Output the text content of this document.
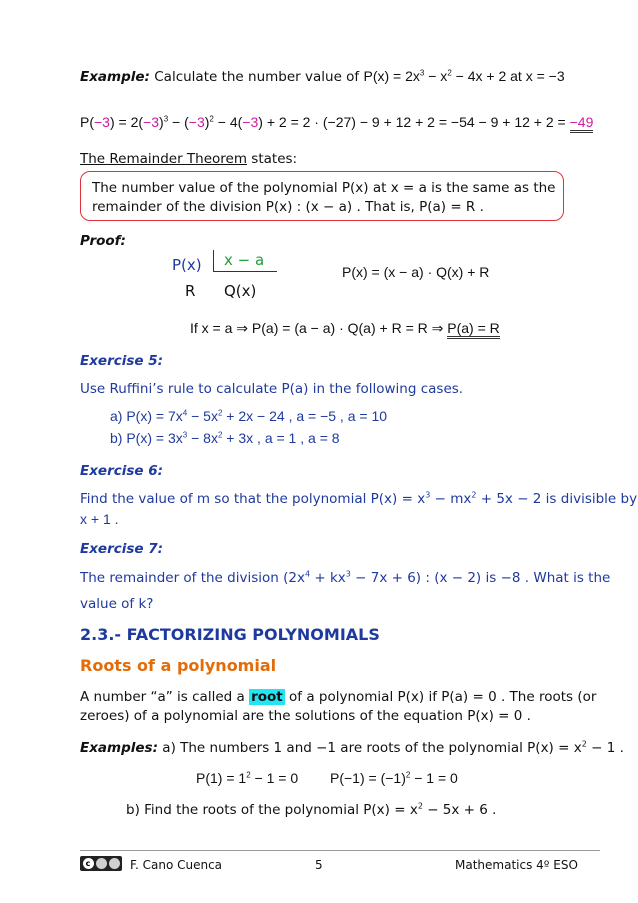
Example: Calculate the number value of $P(x) = 2x^3 - x^2 - 4x + 2$ at x = −3
$P(-3) = 2(-3)^3 - (-3)^2 - 4(-3) + 2 = 2 \cdot (-27) - 9 + 12 + 2 = -54 - 9 + 12 + 2 = -49$
The Remainder Theorem states:
The number value of the polynomial P(x) at x = a is the same as the
remainder of the division P(x) : (x − a) . That is, P(a) = R .
Proof:
P(x) x − a
R Q(x)
P(x) = (x − a) · Q(x) + R
If x = a ⇒ P(a) = (a − a) · Q(a) + R = R ⇒ P(a) = R
Exercise 5:
Use Ruffini’s rule to calculate P(a) in the following cases.
a) $P(x) = 7x^4 - 5x^2 + 2x - 24$ , a = −5 , a = 10
b) $P(x) = 3x^3 - 8x^2 + 3x$ , a = 1 , a = 8
Exercise 6:
Find the value of m so that the polynomial $P(x) = x^3 - mx^2 + 5x - 2$ is divisible by
x + 1 .
Exercise 7:
The remainder of the division $(2x^4 + kx^3 - 7x + 6)$ : (x − 2) is −8 . What is the
value of k?
2.3.- FACTORIZING POLYNOMIALS
Roots of a polynomial
A number “a” is called a root of a polynomial P(x) if P(a) = 0 . The roots (or
zeroes) of a polynomial are the solutions of the equation P(x) = 0 .
Examples: a) The numbers 1 and −1 are roots of the polynomial $P(x) = x^2 - 1$ .
$P(1) = 1^2 - 1 = 0$ $P(-1) = (-1)^2 - 1 = 0$
b) Find the roots of the polynomial $P(x) = x^2 - 5x + 6$ .
c	F. Cano Cuenca	5	Mathematics 4º ESO
